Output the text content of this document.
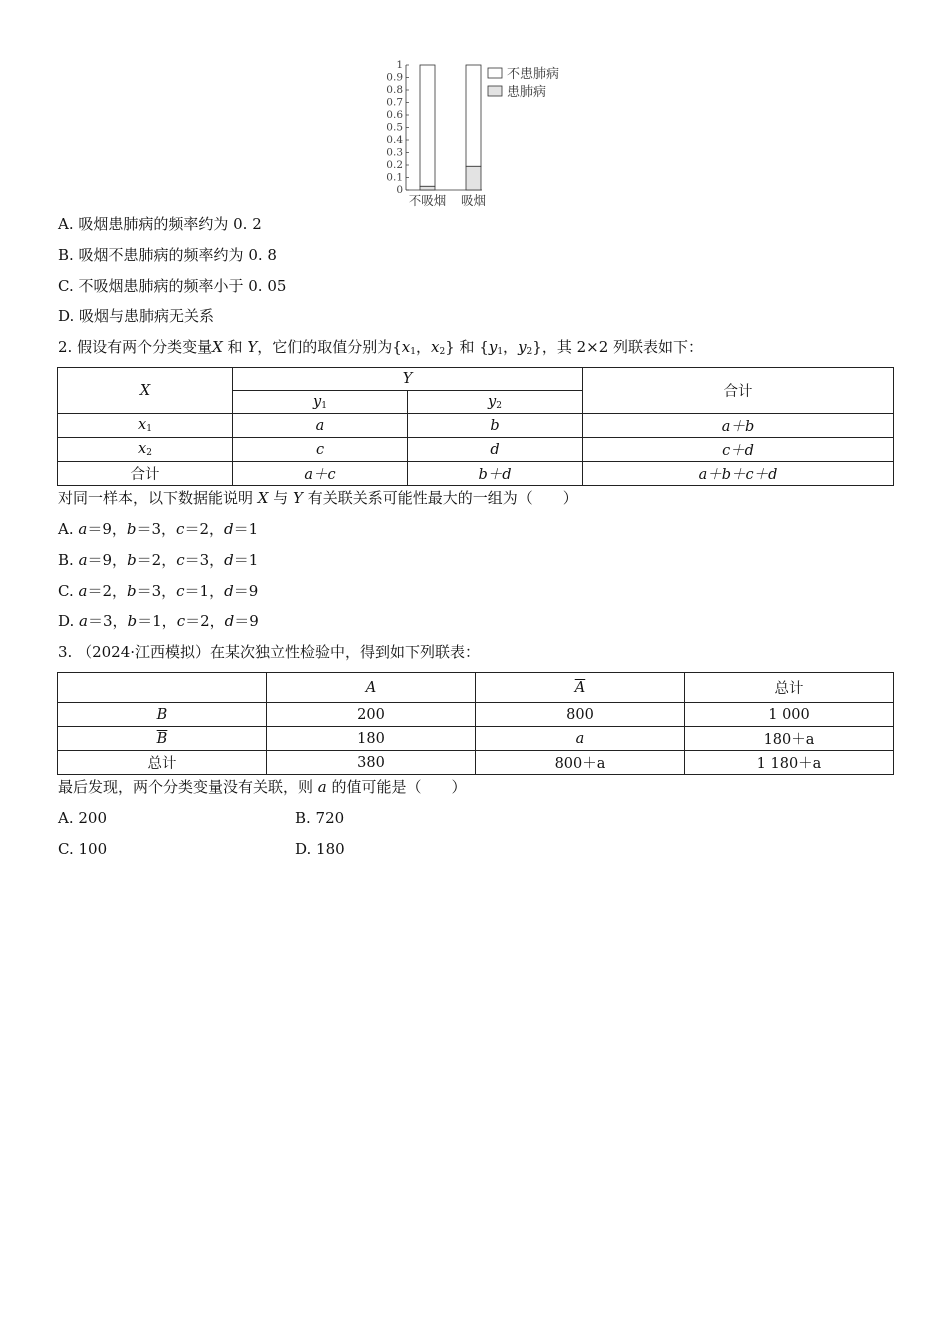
0
0.1
0.2
0.3
0.4
0.5
0.6
0.7
0.8
0.9
1
不吸烟 吸烟
不患肺病
患肺病
A. 吸烟患肺病的频率约为 0. 2
B. 吸烟不患肺病的频率约为 0. 8
C. 不吸烟患肺病的频率小于 0. 05
D. 吸烟与患肺病无关系
2. 假设有两个分类变量X 和 Y，它们的取值分别为{$x_1$，$x_2$} 和 {$y_1$，$y_2$}，其 2×2 列联表如下：
X	Y		合计
	$y_1$	$y_2$
$x_1$	a	b	a＋b
$x_2$	c	d	c＋d
合计	a＋c	b＋d	a＋b＋c＋d
对同一样本，以下数据能说明 X 与 Y 有关联关系可能性最大的一组为（　　）
A. a＝9，b＝3，c＝2，d＝1
B. a＝9，b＝2，c＝3，d＝1
C. a＝2，b＝3，c＝1，d＝9
D. a＝3，b＝1，c＝2，d＝9
3. （2024·江西模拟）在某次独立性检验中，得到如下列联表：
	A	$\overline{A}$	总计
B	200	800	1 000
$\overline{B}$	180	a	180＋a
总计	380	800＋a	1 180＋a
最后发现，两个分类变量没有关联，则 a 的值可能是（　　）
A. 200	B. 720
C. 100	D. 180
